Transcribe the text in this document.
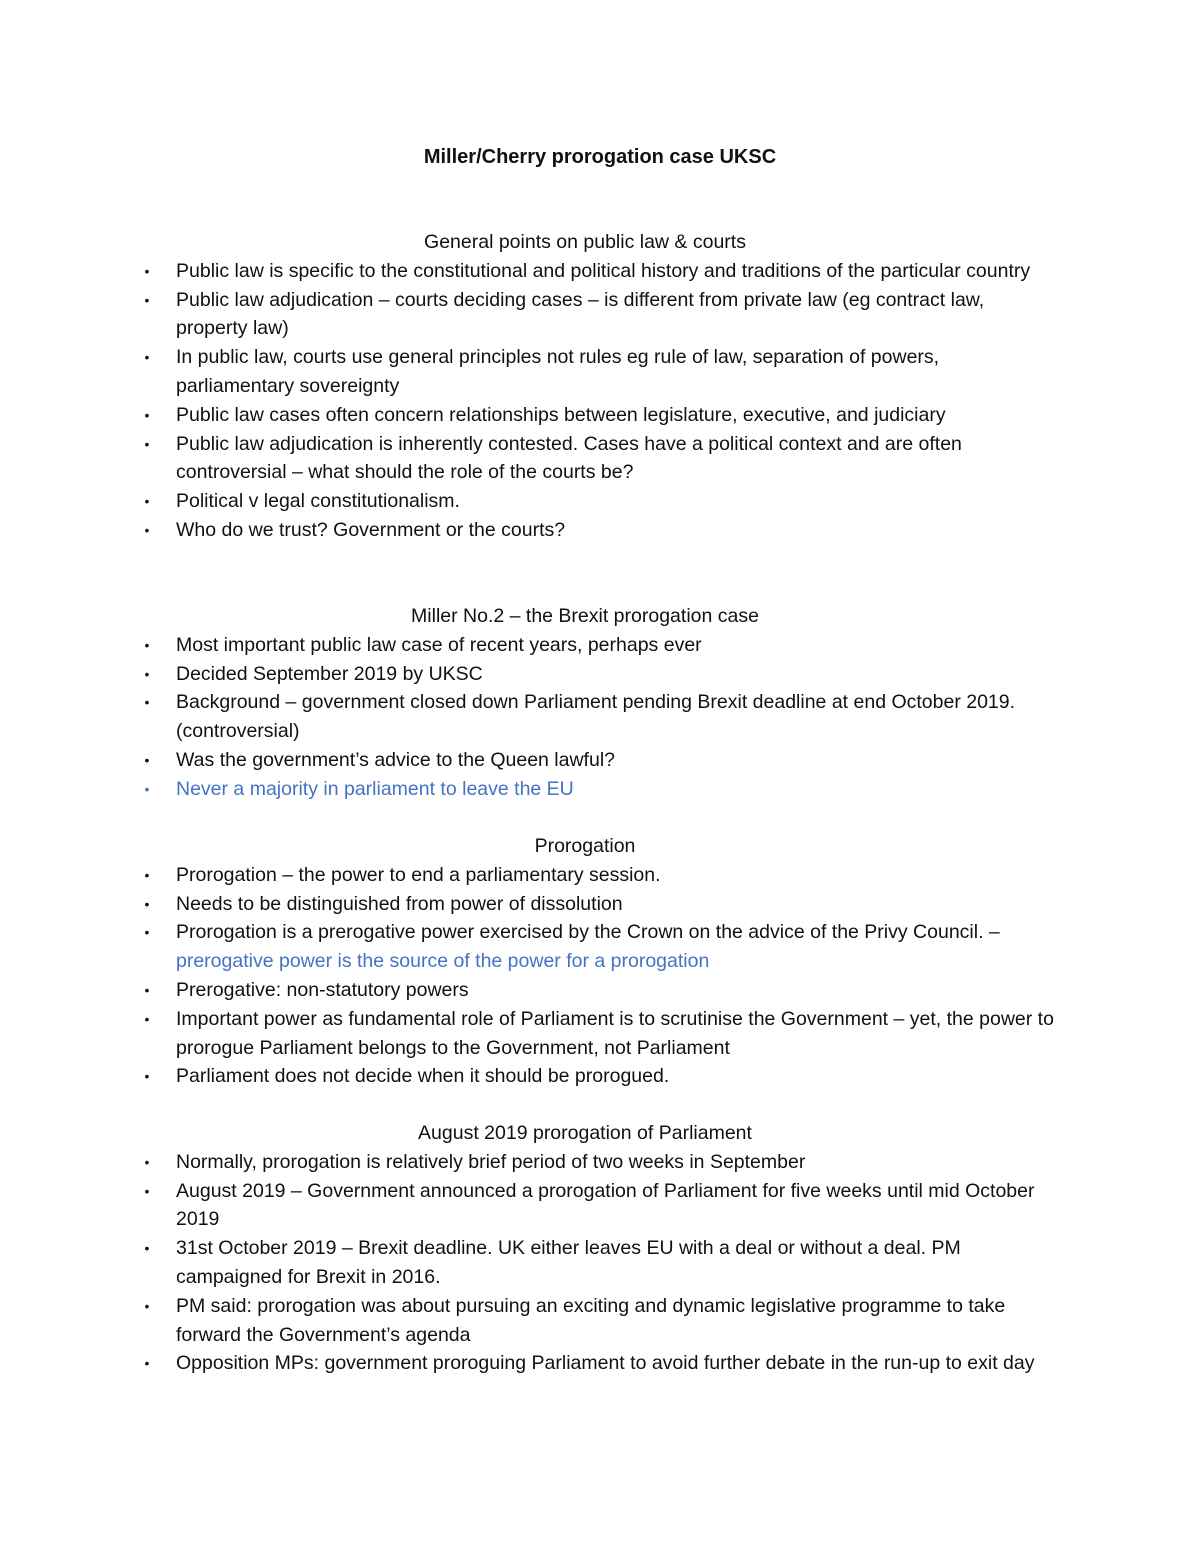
Miller/Cherry prorogation case UKSC
General points on public law & courts
• Public law is specific to the constitutional and political history and traditions of the particular country
• Public law adjudication – courts deciding cases – is different from private law (eg contract law, property law)
• In public law, courts use general principles not rules eg rule of law, separation of powers, parliamentary sovereignty
• Public law cases often concern relationships between legislature, executive, and judiciary
• Public law adjudication is inherently contested. Cases have a political context and are often controversial – what should the role of the courts be?
• Political v legal constitutionalism.
• Who do we trust? Government or the courts?
Miller No.2 – the Brexit prorogation case
• Most important public law case of recent years, perhaps ever
• Decided September 2019 by UKSC
• Background – government closed down Parliament pending Brexit deadline at end October 2019. (controversial)
• Was the government’s advice to the Queen lawful?
• Never a majority in parliament to leave the EU
Prorogation
• Prorogation – the power to end a parliamentary session.
• Needs to be distinguished from power of dissolution
• Prorogation is a prerogative power exercised by the Crown on the advice of the Privy Council. – prerogative power is the source of the power for a prorogation
• Prerogative: non-statutory powers
• Important power as fundamental role of Parliament is to scrutinise the Government – yet, the power to prorogue Parliament belongs to the Government, not Parliament
• Parliament does not decide when it should be prorogued.
August 2019 prorogation of Parliament
• Normally, prorogation is relatively brief period of two weeks in September
• August 2019 – Government announced a prorogation of Parliament for five weeks until mid October 2019
• 31st October 2019 – Brexit deadline. UK either leaves EU with a deal or without a deal. PM campaigned for Brexit in 2016.
• PM said: prorogation was about pursuing an exciting and dynamic legislative programme to take forward the Government’s agenda
• Opposition MPs: government proroguing Parliament to avoid further debate in the run-up to exit day
